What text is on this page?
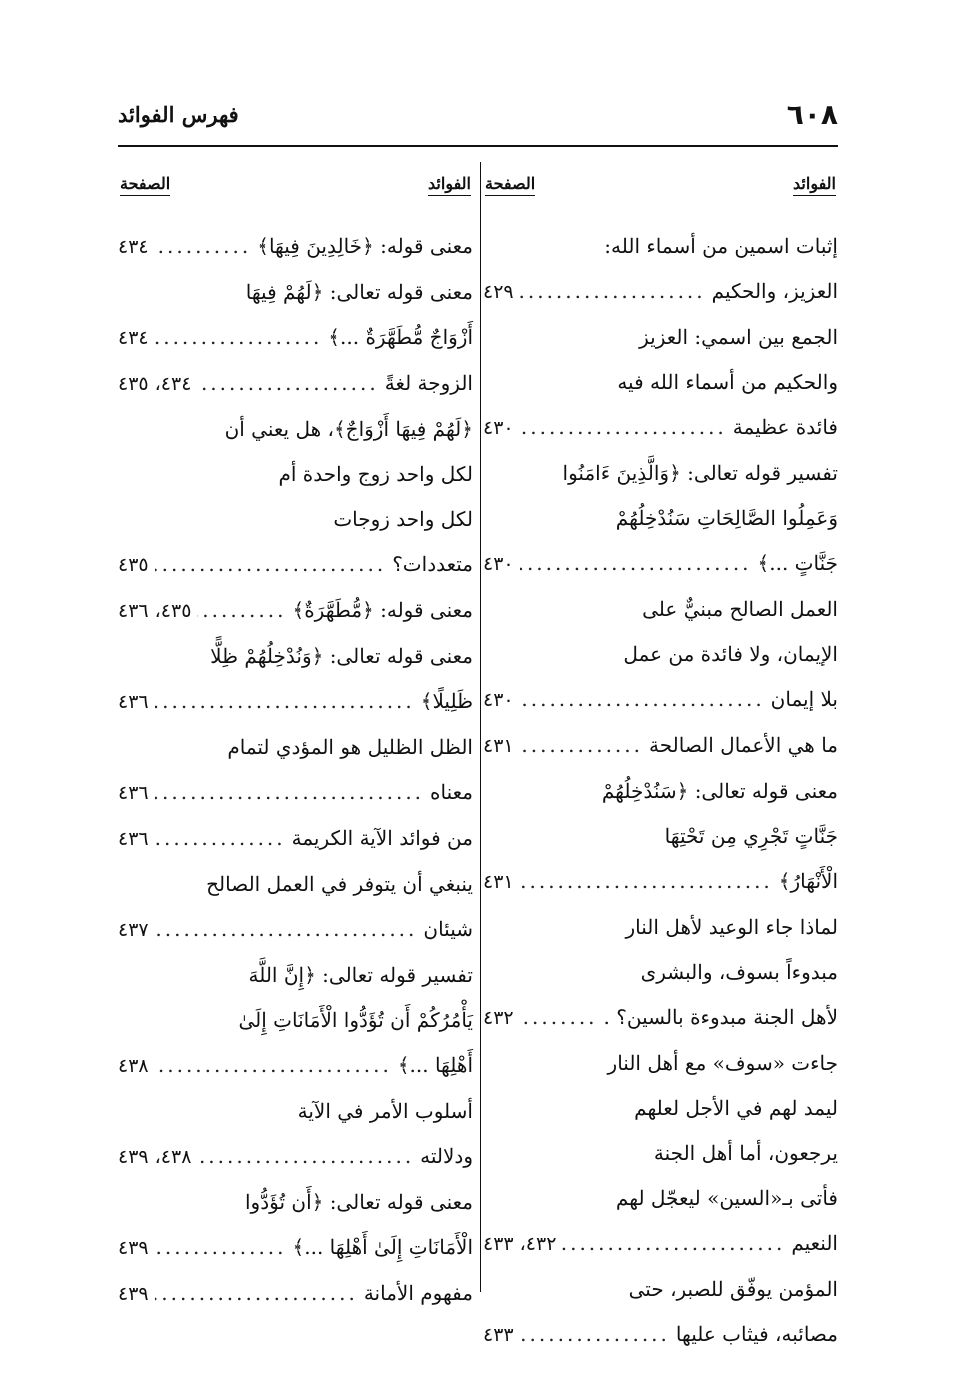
٦٠٨
فهرس الفوائد
الفوائد
الصفحة
إثبات اسمين من أسماء الله:
العزيز، والحكيم
.....
٤٢٩
الجمع بين اسمي: العزيز
والحكيم من أسماء الله فيه
فائدة عظيمة
.....
٤٣٠
تفسير قوله تعالى: ﴿وَالَّذِينَ ءَامَنُوا
وَعَمِلُوا الصَّالِحَاتِ سَنُدْخِلُهُمْ
جَنَّاتٍ ...﴾
.....
٤٣٠
العمل الصالح مبنيٌّ على
الإيمان، ولا فائدة من عمل
بلا إيمان
.....
٤٣٠
ما هي الأعمال الصالحة
.....
٤٣١
معنى قوله تعالى: ﴿سَنُدْخِلُهُمْ
جَنَّاتٍ تَجْرِي مِن تَحْتِهَا
الْأَنْهَارُ﴾
.....
٤٣١
لماذا جاء الوعيد لأهل النار
مبدوءاً بسوف، والبشرى
لأهل الجنة مبدوءة بالسين؟ .
.....
٤٣٢
جاءت «سوف» مع أهل النار
ليمد لهم في الأجل لعلهم
يرجعون، أما أهل الجنة
فأتى بـ«السين» ليعجّل لهم
النعيم
.....
٤٣٢، ٤٣٣
المؤمن يوفّق للصبر، حتى
مصائبه، فيثاب عليها
.....
٤٣٣
الفوائد
الصفحة
معنى قوله: ﴿خَالِدِينَ فِيهَا﴾
.....
٤٣٤
معنى قوله تعالى: ﴿لَهُمْ فِيهَا
أَزْوَاجٌ مُّطَهَّرَةٌ ...﴾
.....
٤٣٤
الزوجة لغةً
.....
٤٣٤، ٤٣٥
﴿لَهُمْ فِيهَا أَزْوَاجٌ﴾، هل يعني أن
لكل واحد زوج واحدة أم
لكل واحد زوجات
متعددات؟
.....
٤٣٥
معنى قوله: ﴿مُّطَهَّرَةٌ﴾
.....
٤٣٥، ٤٣٦
معنى قوله تعالى: ﴿وَنُدْخِلُهُمْ ظِلًّا
ظَلِيلًا﴾
.....
٤٣٦
الظل الظليل هو المؤدي لتمام
معناه
.....
٤٣٦
من فوائد الآية الكريمة
.....
٤٣٦
ينبغي أن يتوفر في العمل الصالح
شيئان
.....
٤٣٧
تفسير قوله تعالى: ﴿إِنَّ اللَّهَ
يَأْمُرُكُمْ أَن تُؤَدُّوا الْأَمَانَاتِ إِلَىٰ
أَهْلِهَا ...﴾
.....
٤٣٨
أسلوب الأمر في الآية
ودلالته
.....
٤٣٨، ٤٣٩
معنى قوله تعالى: ﴿أَن تُؤَدُّوا
الْأَمَانَاتِ إِلَىٰ أَهْلِهَا ...﴾
.....
٤٣٩
مفهوم الأمانة
.....
٤٣٩
